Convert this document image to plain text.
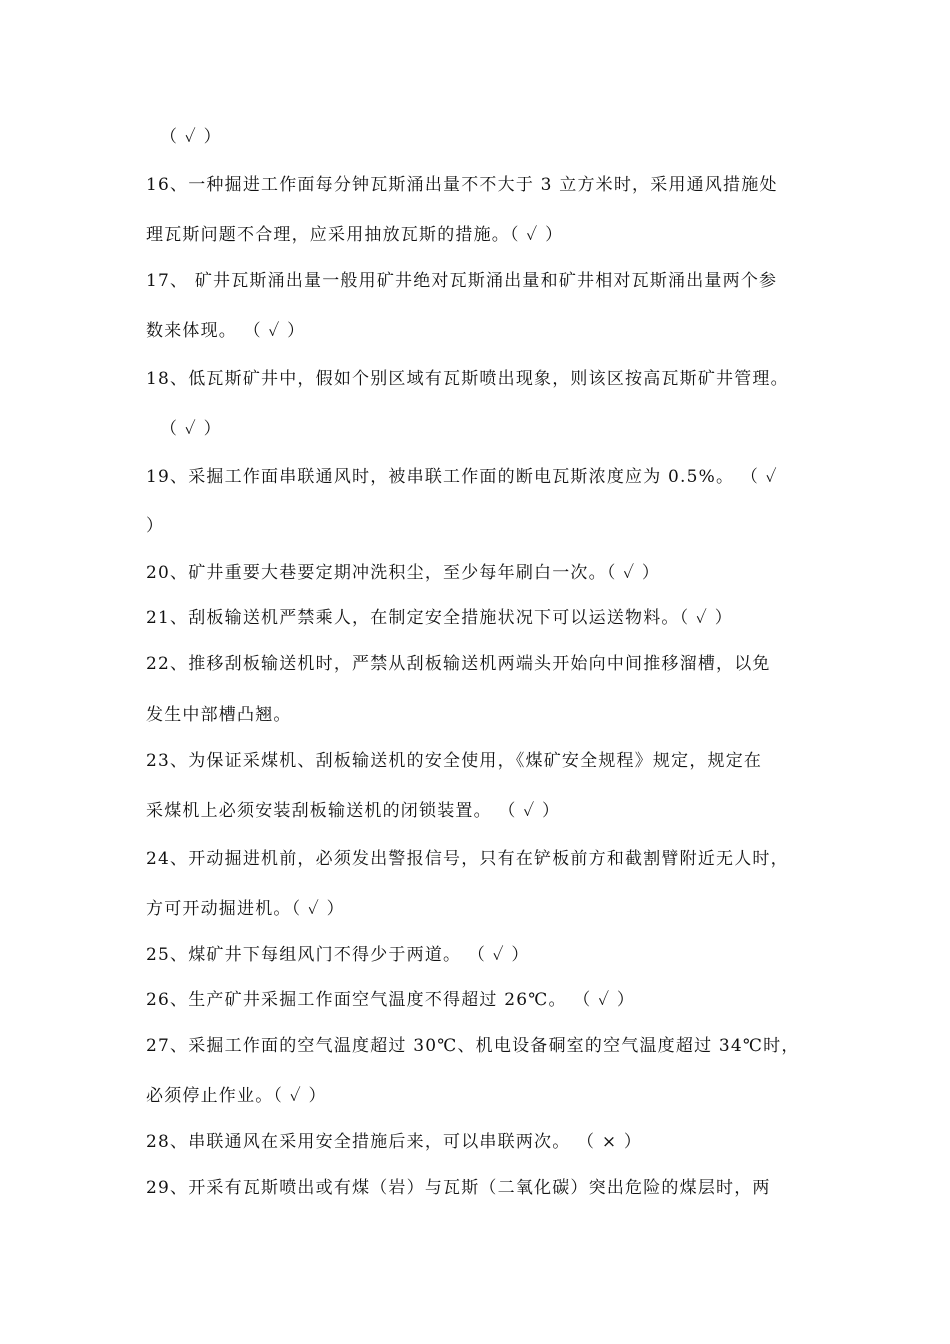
（ ✓ ）
16、一种掘进工作面每分钟瓦斯涌出量不不大于 3 立方米时，采用通风措施处
理瓦斯问题不合理，应采用抽放瓦斯的措施。（ ✓ ）
17、 矿井瓦斯涌出量一般用矿井绝对瓦斯涌出量和矿井相对瓦斯涌出量两个参
数来体现。 （ ✓ ）
18、低瓦斯矿井中，假如个别区域有瓦斯喷出现象，则该区按高瓦斯矿井管理。
（ ✓ ）
19、采掘工作面串联通风时，被串联工作面的断电瓦斯浓度应为 0.5%。 （ ✓
）
20、矿井重要大巷要定期冲洗积尘，至少每年刷白一次。（ ✓ ）
21、刮板输送机严禁乘人，在制定安全措施状况下可以运送物料。（ ✓ ）
22、推移刮板输送机时，严禁从刮板输送机两端头开始向中间推移溜槽，以免
发生中部槽凸翘。
23、为保证采煤机、刮板输送机的安全使用，《煤矿安全规程》规定，规定在
采煤机上必须安装刮板输送机的闭锁装置。 （ ✓ ）
24、开动掘进机前，必须发出警报信号，只有在铲板前方和截割臂附近无人时，
方可开动掘进机。（ ✓ ）
25、煤矿井下每组风门不得少于两道。 （ ✓ ）
26、生产矿井采掘工作面空气温度不得超过 26℃。 （ ✓ ）
27、采掘工作面的空气温度超过 30℃、机电设备硐室的空气温度超过 34℃时，
必须停止作业。（ ✓ ）
28、串联通风在采用安全措施后来，可以串联两次。 （ × ）
29、开采有瓦斯喷出或有煤（岩）与瓦斯（二氧化碳）突出危险的煤层时，两
